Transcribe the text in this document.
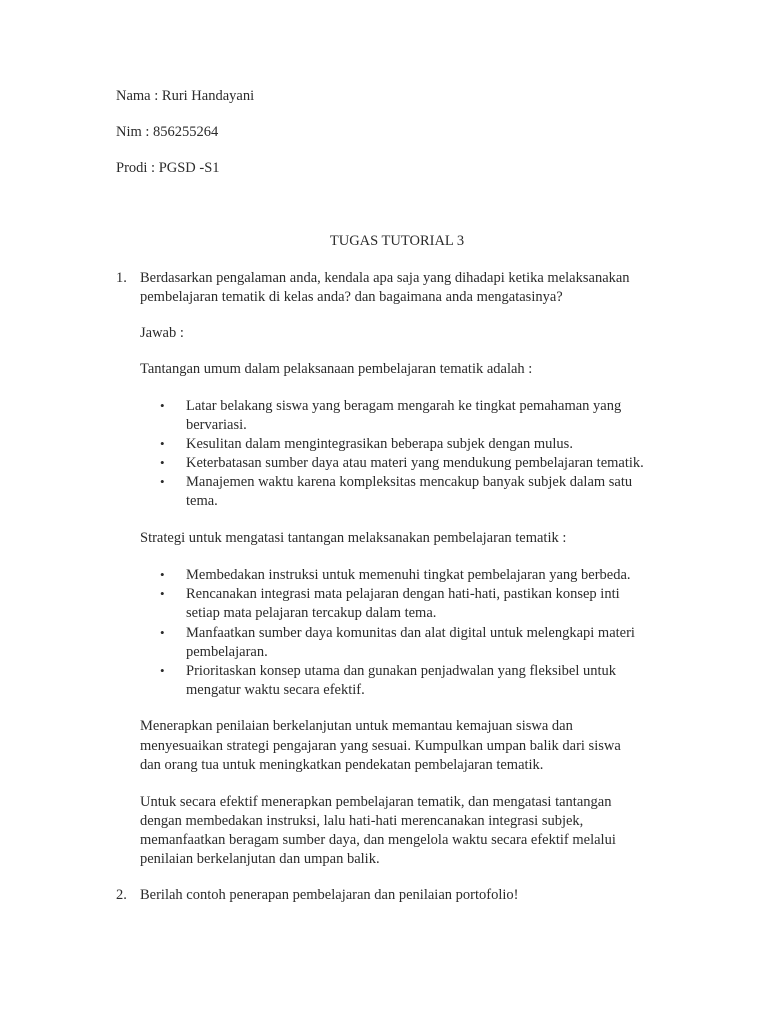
Nama : Ruri Handayani
Nim : 856255264
Prodi : PGSD -S1
TUGAS TUTORIAL 3
1. Berdasarkan pengalaman anda, kendala apa saja yang dihadapi ketika melaksanakan
pembelajaran tematik di kelas anda? dan bagaimana anda mengatasinya?
Jawab :
Tantangan umum dalam pelaksanaan pembelajaran tematik adalah :
• Latar belakang siswa yang beragam mengarah ke tingkat pemahaman yang
bervariasi.
• Kesulitan dalam mengintegrasikan beberapa subjek dengan mulus.
• Keterbatasan sumber daya atau materi yang mendukung pembelajaran tematik.
• Manajemen waktu karena kompleksitas mencakup banyak subjek dalam satu
tema.
Strategi untuk mengatasi tantangan melaksanakan pembelajaran tematik :
• Membedakan instruksi untuk memenuhi tingkat pembelajaran yang berbeda.
• Rencanakan integrasi mata pelajaran dengan hati-hati, pastikan konsep inti
setiap mata pelajaran tercakup dalam tema.
• Manfaatkan sumber daya komunitas dan alat digital untuk melengkapi materi
pembelajaran.
• Prioritaskan konsep utama dan gunakan penjadwalan yang fleksibel untuk
mengatur waktu secara efektif.
Menerapkan penilaian berkelanjutan untuk memantau kemajuan siswa dan
menyesuaikan strategi pengajaran yang sesuai. Kumpulkan umpan balik dari siswa
dan orang tua untuk meningkatkan pendekatan pembelajaran tematik.
Untuk secara efektif menerapkan pembelajaran tematik, dan mengatasi tantangan
dengan membedakan instruksi, lalu hati-hati merencanakan integrasi subjek,
memanfaatkan beragam sumber daya, dan mengelola waktu secara efektif melalui
penilaian berkelanjutan dan umpan balik.
2. Berilah contoh penerapan pembelajaran dan penilaian portofolio!
